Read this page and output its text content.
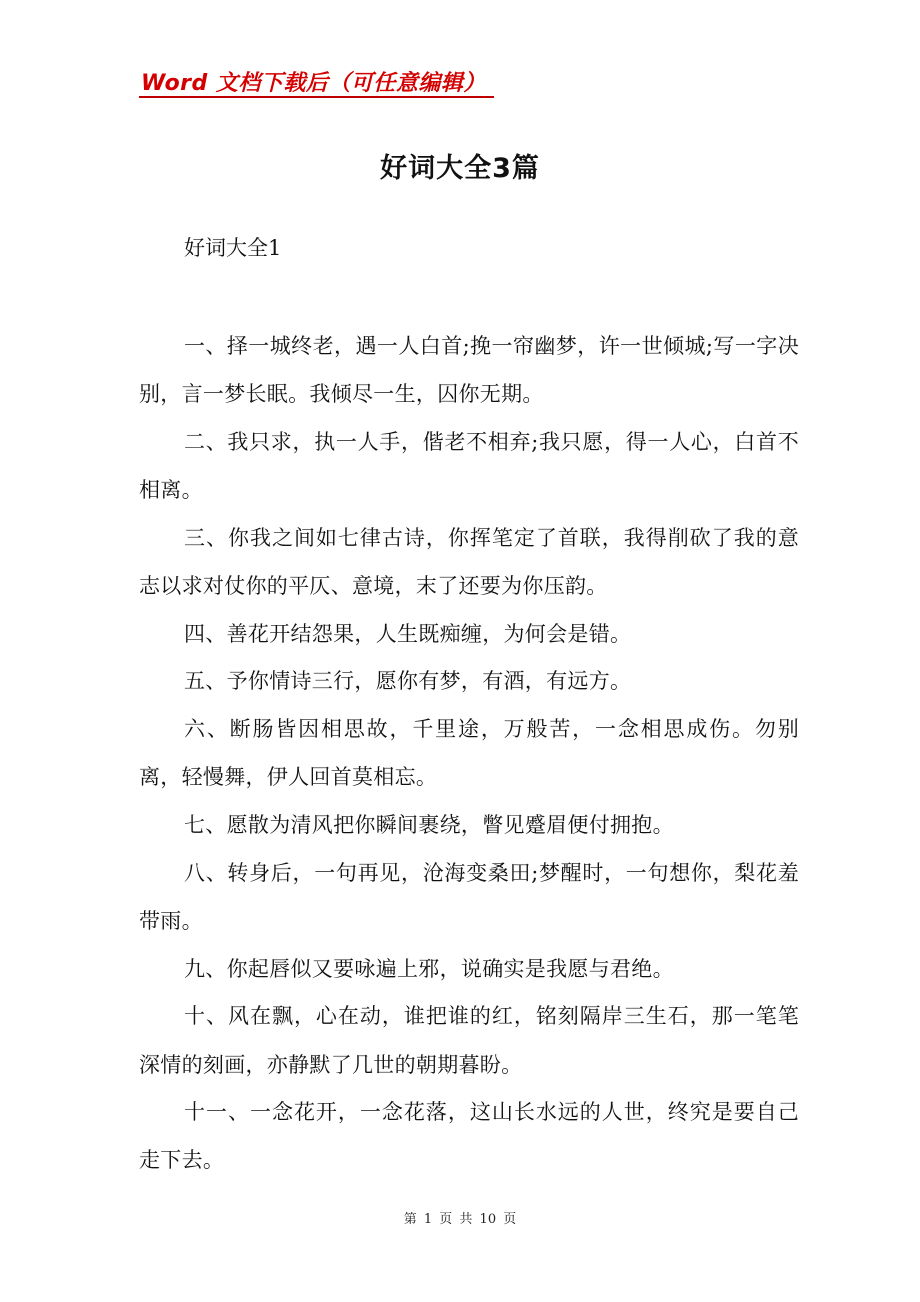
Word 文档下载后（可任意编辑）
好词大全3篇
好词大全1

一、择一城终老，遇一人白首;挽一帘幽梦，许一世倾城;写一字决别，言一梦长眠。我倾尽一生，囚你无期。

二、我只求，执一人手，偕老不相弃;我只愿，得一人心，白首不相离。

三、你我之间如七律古诗，你挥笔定了首联，我得削砍了我的意志以求对仗你的平仄、意境，末了还要为你压韵。

四、善花开结怨果，人生既痴缠，为何会是错。

五、予你情诗三行，愿你有梦，有酒，有远方。

六、断肠皆因相思故，千里途，万般苦，一念相思成伤。勿别离，轻慢舞，伊人回首莫相忘。

七、愿散为清风把你瞬间裹绕，瞥见蹙眉便付拥抱。

八、转身后，一句再见，沧海变桑田;梦醒时，一句想你，梨花羞带雨。

九、你起唇似又要咏遍上邪，说确实是我愿与君绝。

十、风在飘，心在动，谁把谁的红，铭刻隔岸三生石，那一笔笔深情的刻画，亦静默了几世的朝期暮盼。

十一、一念花开，一念花落，这山长水远的人世，终究是要自己走下去。

第 1 页 共 10 页
